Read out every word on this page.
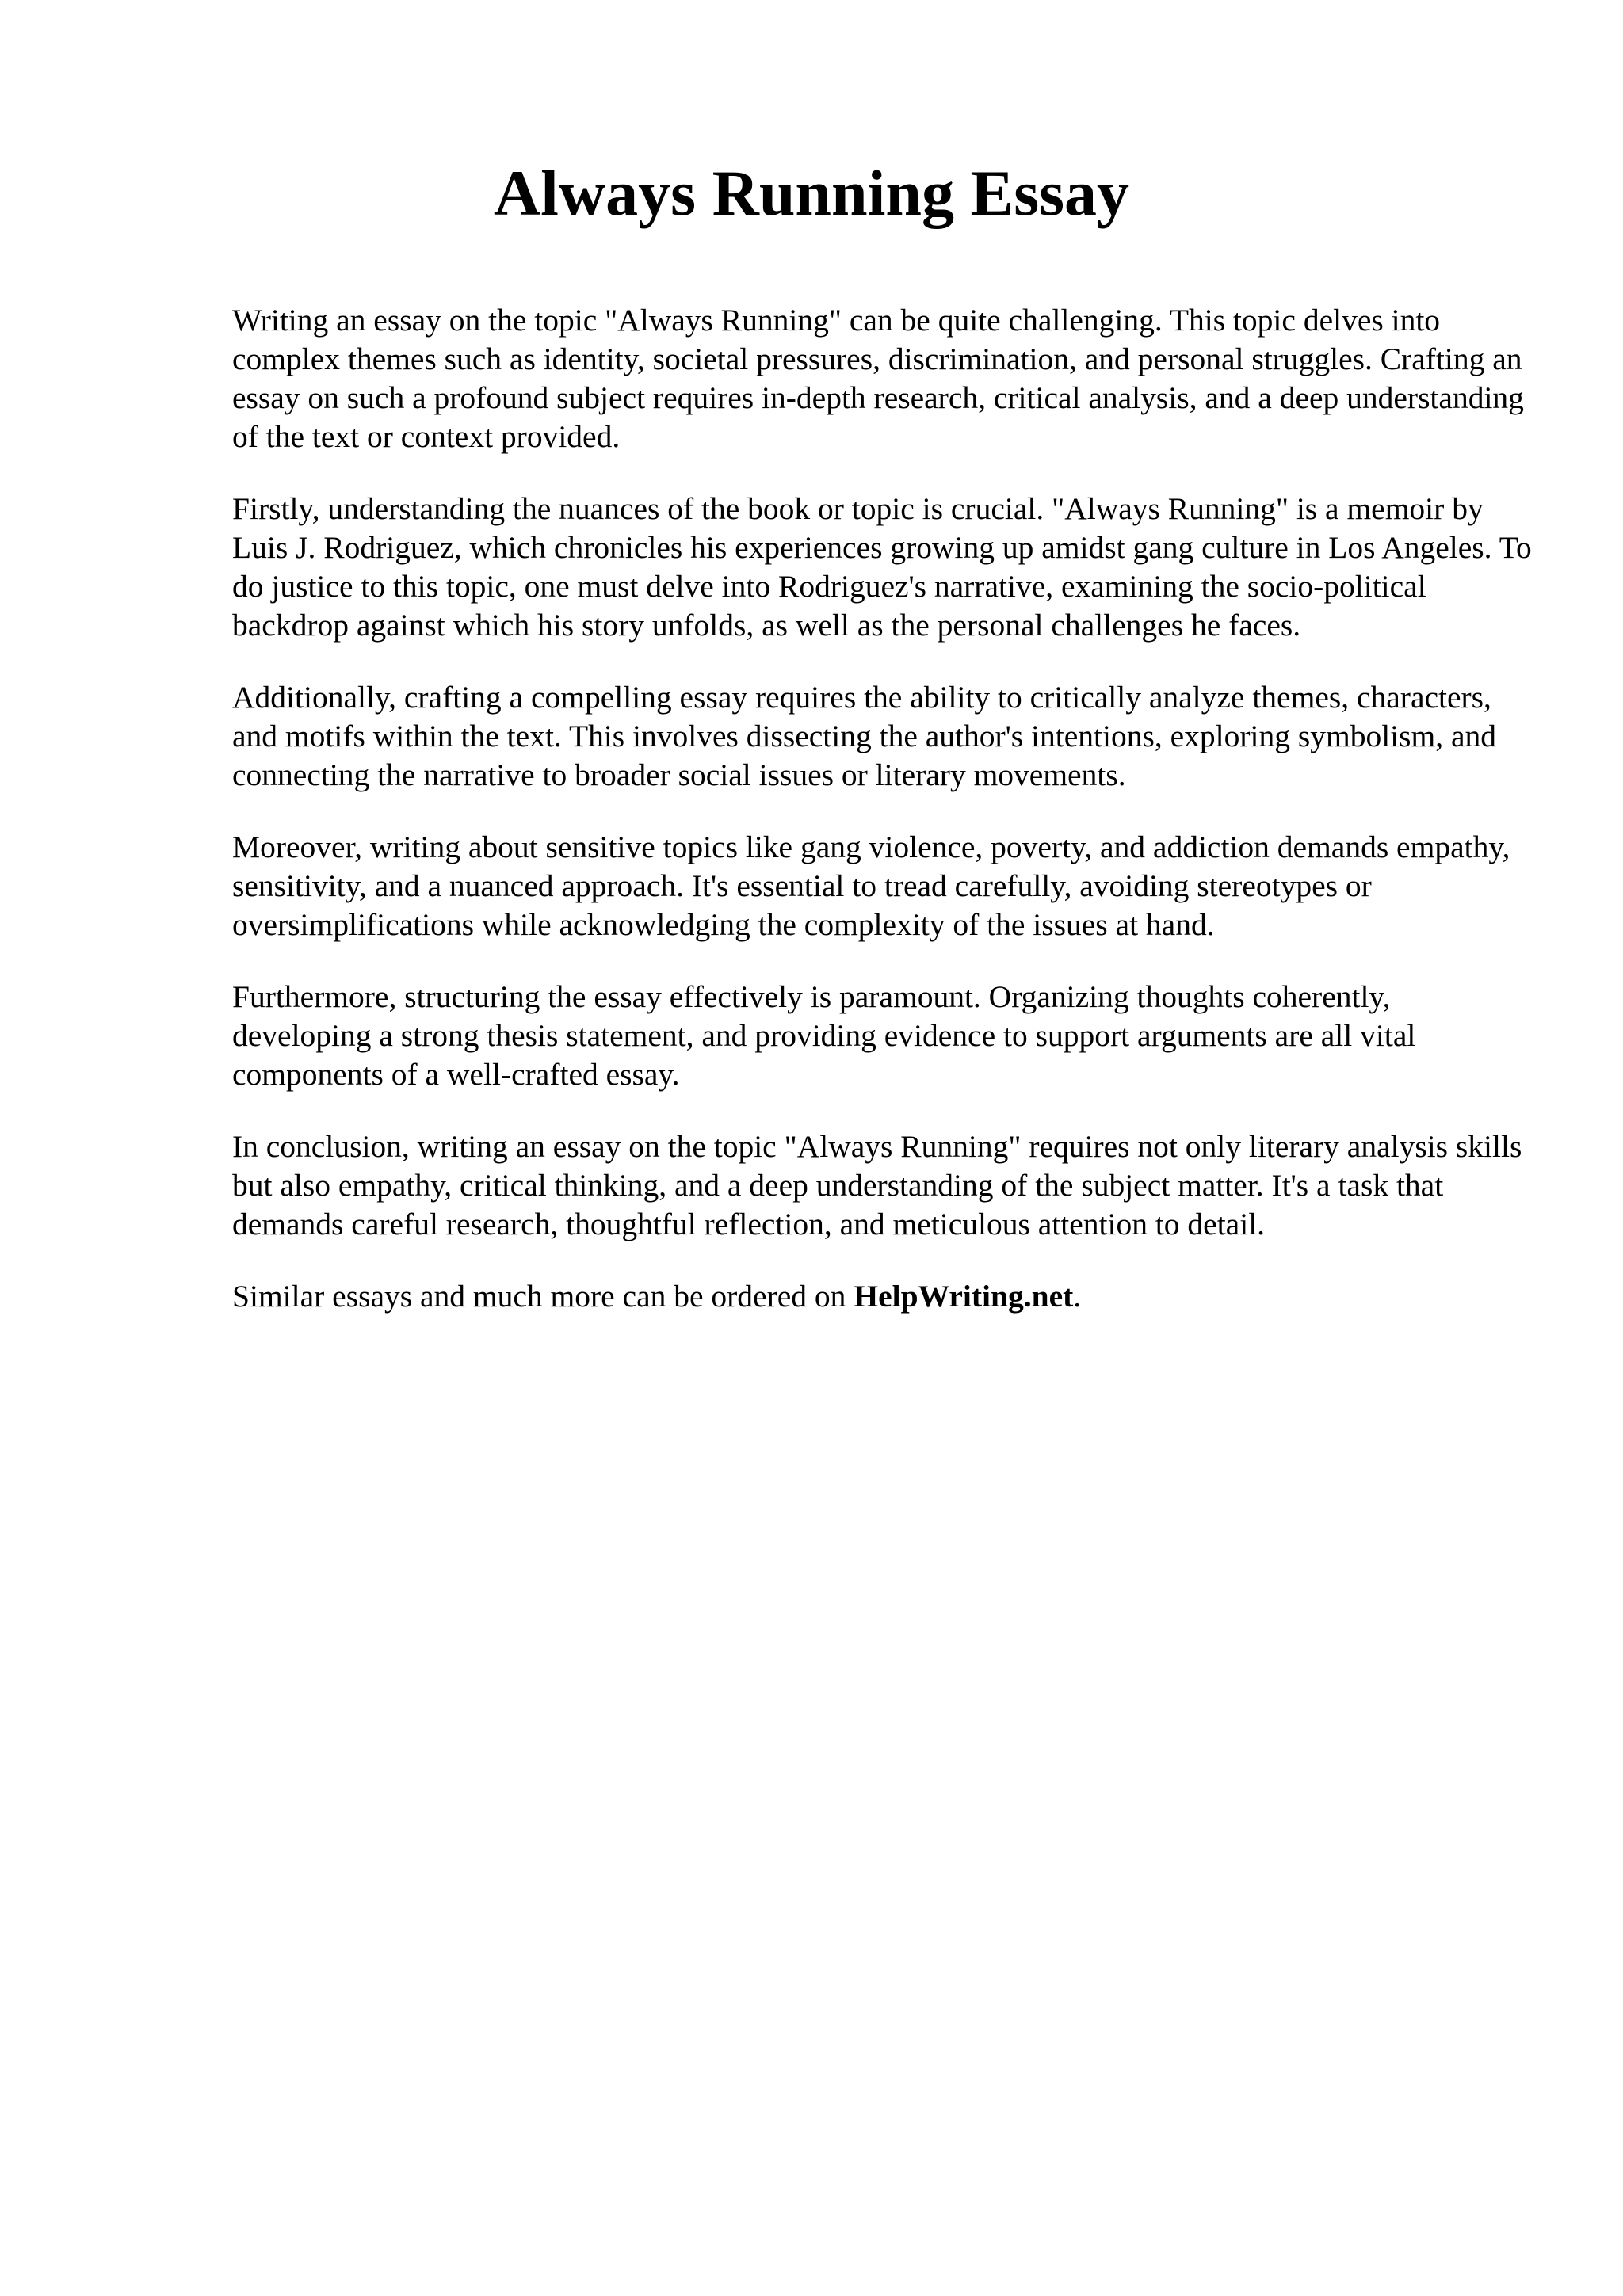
Always Running Essay

Writing an essay on the topic "Always Running" can be quite challenging. This topic delves into complex themes such as identity, societal pressures, discrimination, and personal struggles. Crafting an essay on such a profound subject requires in-depth research, critical analysis, and a deep understanding of the text or context provided.

Firstly, understanding the nuances of the book or topic is crucial. "Always Running" is a memoir by Luis J. Rodriguez, which chronicles his experiences growing up amidst gang culture in Los Angeles. To do justice to this topic, one must delve into Rodriguez's narrative, examining the socio-political backdrop against which his story unfolds, as well as the personal challenges he faces.

Additionally, crafting a compelling essay requires the ability to critically analyze themes, characters, and motifs within the text. This involves dissecting the author's intentions, exploring symbolism, and connecting the narrative to broader social issues or literary movements.

Moreover, writing about sensitive topics like gang violence, poverty, and addiction demands empathy, sensitivity, and a nuanced approach. It's essential to tread carefully, avoiding stereotypes or oversimplifications while acknowledging the complexity of the issues at hand.

Furthermore, structuring the essay effectively is paramount. Organizing thoughts coherently, developing a strong thesis statement, and providing evidence to support arguments are all vital components of a well-crafted essay.

In conclusion, writing an essay on the topic "Always Running" requires not only literary analysis skills but also empathy, critical thinking, and a deep understanding of the subject matter. It's a task that demands careful research, thoughtful reflection, and meticulous attention to detail.

Similar essays and much more can be ordered on HelpWriting.net.
